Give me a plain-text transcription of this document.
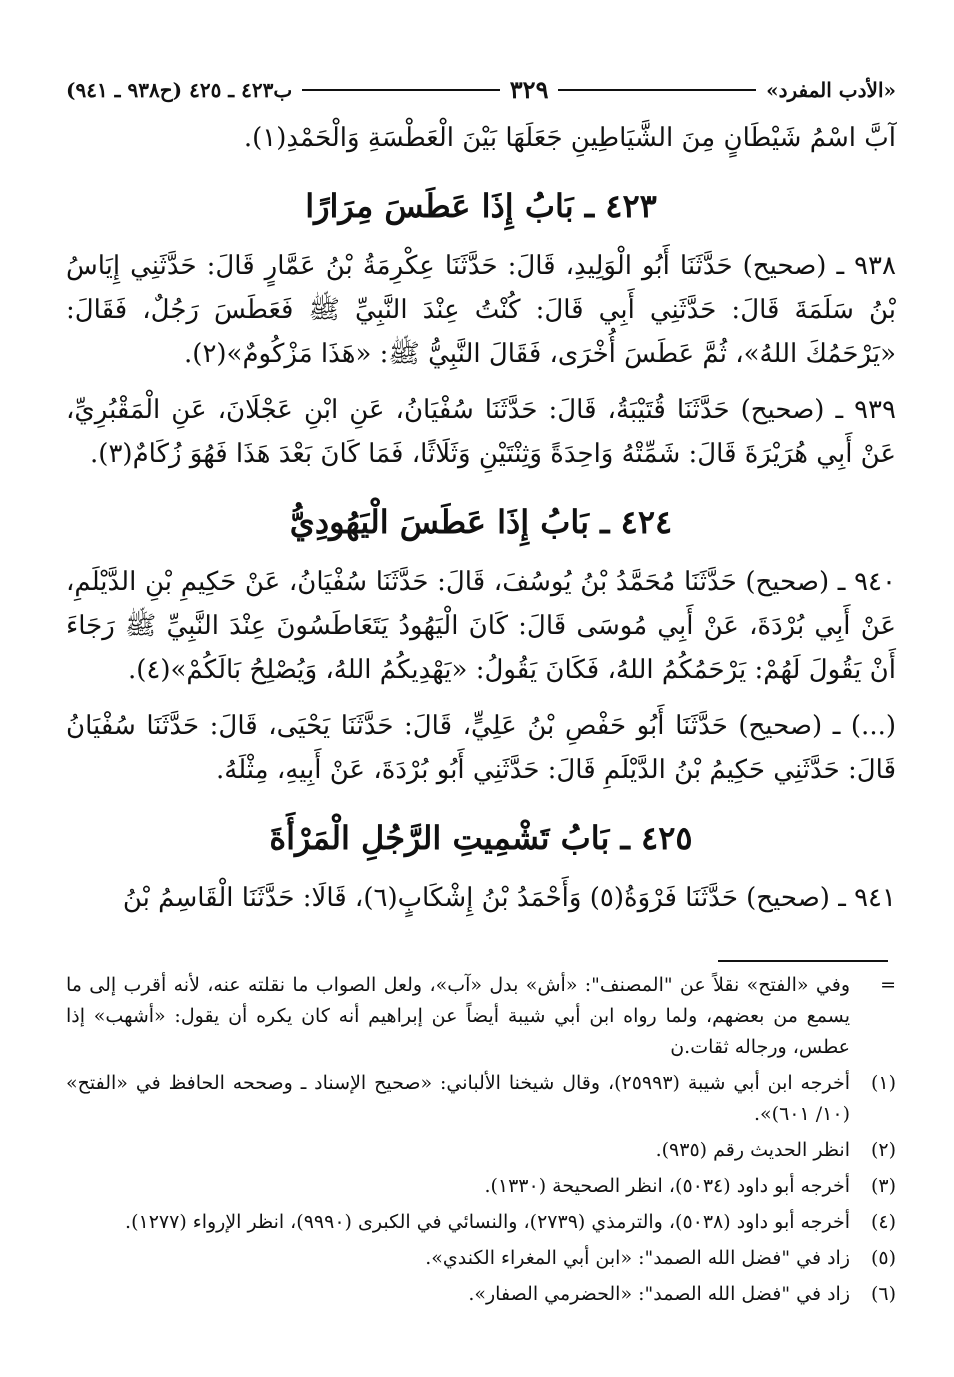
«الأدب المفرد»
٣٢٩
ب٤٢٣ ـ ٤٢٥ (ح٩٣٨ ـ ٩٤١)

آبَّ اسْمُ شَيْطَانٍ مِنَ الشَّيَاطِينِ جَعَلَهَا بَيْنَ الْعَطْسَةِ وَالْحَمْدِ(١).

٤٢٣ ـ بَابُ إِذَا عَطَسَ مِرَارًا

٩٣٨ ـ (صحيح) حَدَّثَنَا أَبُو الْوَلِيدِ، قَالَ: حَدَّثَنَا عِكْرِمَةُ بْنُ عَمَّارٍ قَالَ: حَدَّثَنِي إِيَاسُ بْنُ سَلَمَةَ قَالَ: حَدَّثَنِي أَبِي قَالَ: كُنْتُ عِنْدَ النَّبِيِّ ﷺ فَعَطَسَ رَجُلٌ، فَقَالَ: «يَرْحَمُكَ اللهُ»، ثُمَّ عَطَسَ أُخْرَى، فَقَالَ النَّبِيُّ ﷺ: «هَذَا مَزْكُومٌ»(٢).

٩٣٩ ـ (صحيح) حَدَّثَنَا قُتَيْبَةُ، قَالَ: حَدَّثَنَا سُفْيَانُ، عَنِ ابْنِ عَجْلَانَ، عَنِ الْمَقْبُرِيِّ، عَنْ أَبِي هُرَيْرَةَ قَالَ: شَمِّتْهُ وَاحِدَةً وَثِنْتَيْنِ وَثَلَاثًا، فَمَا كَانَ بَعْدَ هَذَا فَهُوَ زُكَامٌ(٣).

٤٢٤ ـ بَابُ إِذَا عَطَسَ الْيَهُودِيُّ

٩٤٠ ـ (صحيح) حَدَّثَنَا مُحَمَّدُ بْنُ يُوسُفَ، قَالَ: حَدَّثَنَا سُفْيَانُ، عَنْ حَكِيمِ بْنِ الدَّيْلَمِ، عَنْ أَبِي بُرْدَةَ، عَنْ أَبِي مُوسَى قَالَ: كَانَ الْيَهُودُ يَتَعَاطَسُونَ عِنْدَ النَّبِيِّ ﷺ رَجَاءَ أَنْ يَقُولَ لَهُمْ: يَرْحَمُكُمُ اللهُ، فَكَانَ يَقُولُ: «يَهْدِيكُمُ اللهُ، وَيُصْلِحُ بَالَكُمْ»(٤).

(...) ـ (صحيح) حَدَّثَنَا أَبُو حَفْصِ بْنُ عَلِيٍّ، قَالَ: حَدَّثَنَا يَحْيَى، قَالَ: حَدَّثَنَا سُفْيَانُ قَالَ: حَدَّثَنِي حَكِيمُ بْنُ الدَّيْلَمِ قَالَ: حَدَّثَنِي أَبُو بُرْدَةَ، عَنْ أَبِيهِ، مِثْلَهُ.

٤٢٥ ـ بَابُ تَشْمِيتِ الرَّجُلِ الْمَرْأَةَ

٩٤١ ـ (صحيح) حَدَّثَنَا فَرْوَةُ(٥) وَأَحْمَدُ بْنُ إِشْكَابٍ(٦)، قَالَا: حَدَّثَنَا الْقَاسِمُ بْنُ

=
وفي «الفتح» نقلاً عن "المصنف": «أش» بدل «آب»، ولعل الصواب ما نقلته عنه، لأنه أقرب إلى ما يسمع من بعضهم، ولما رواه ابن أبي شيبة أيضاً عن إبراهيم أنه كان يكره أن يقول: «أشهب» إذا عطس، ورجاله ثقات.ن
(١)
أخرجه ابن أبي شيبة (٢٥٩٩٣)، وقال شيخنا الألباني: «صحيح الإسناد ـ وصححه الحافظ في «الفتح» (١٠/ ٦٠١)».
(٢)
انظر الحديث رقم (٩٣٥).
(٣)
أخرجه أبو داود (٥٠٣٤)، انظر الصحيحة (١٣٣٠).
(٤)
أخرجه أبو داود (٥٠٣٨)، والترمذي (٢٧٣٩)، والنسائي في الكبرى (٩٩٩٠)، انظر الإرواء (١٢٧٧).
(٥)
زاد في "فضل الله الصمد": «ابن أبي المغراء الكندي».
(٦)
زاد في "فضل الله الصمد": «الحضرمي الصفار».
